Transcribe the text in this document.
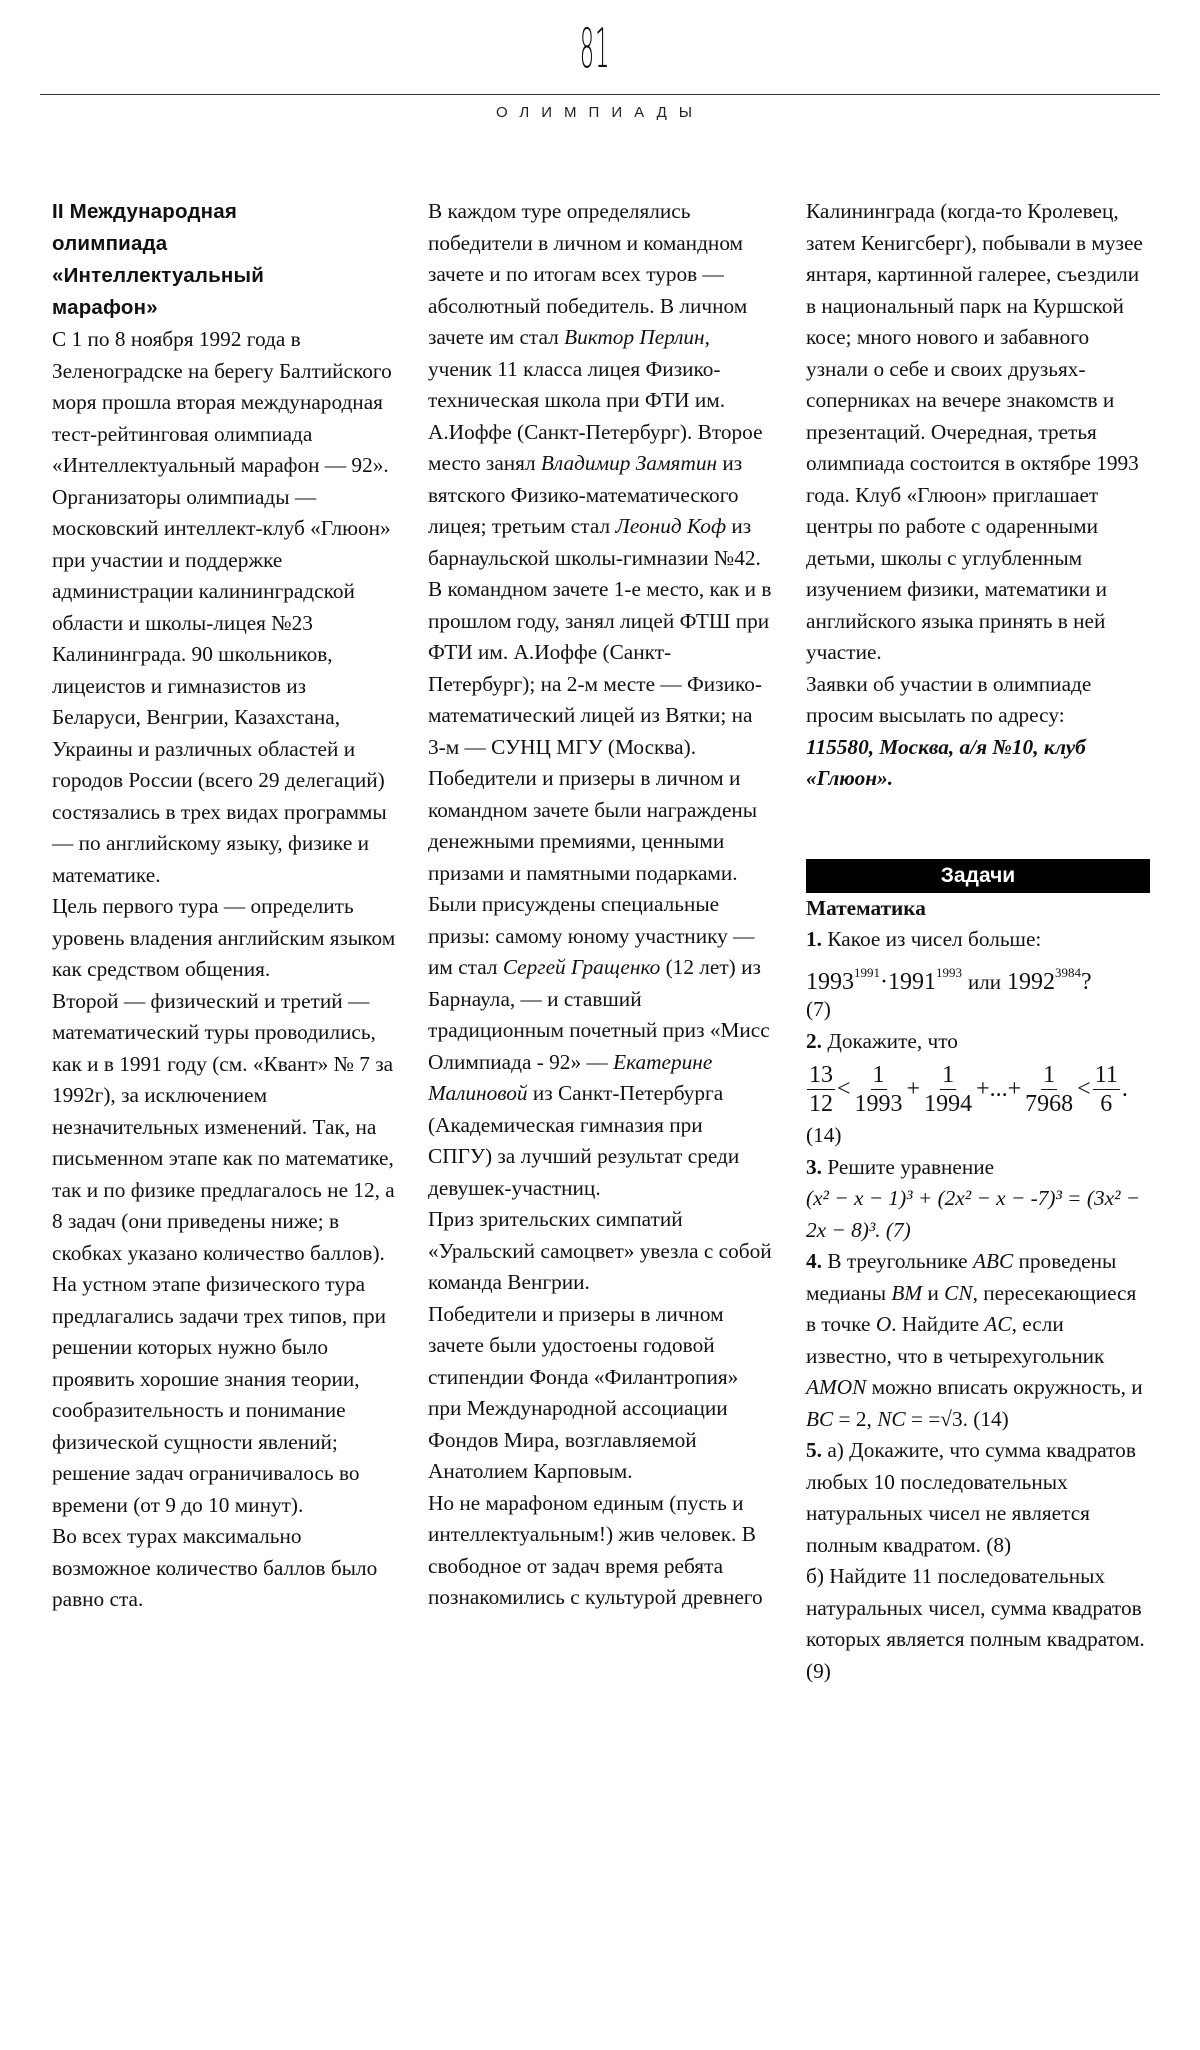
81
ОЛИМПИАДЫ
II Международная
олимпиада
«Интеллектуальный
марафон»

С 1 по 8 ноября 1992 года в Зеленоградске на берегу Балтийского моря прошла вторая международная тест-рейтинговая олимпиада «Интеллектуальный марафон — 92».

Организаторы олимпиады — московский интеллект-клуб «Глюон» при участии и поддержке администрации калининградской области и школы-лицея №23 Калининграда. 90 школьников, лицеистов и гимназистов из Беларуси, Венгрии, Казахстана, Украины и различных областей и городов России (всего 29 делегаций) состязались в трех видах программы — по английскому языку, физике и математике.

Цель первого тура — определить уровень владения английским языком как средством общения.

Второй — физический и третий — математический туры проводились, как и в 1991 году (см. «Квант» № 7 за 1992г), за исключением незначительных изменений. Так, на письменном этапе как по математике, так и по физике предлагалось не 12, а 8 задач (они приведены ниже; в скобках указано количество баллов). На устном этапе физического тура предлагались задачи трех типов, при решении которых нужно было проявить хорошие знания теории, сообразительность и понимание физической сущности явлений; решение задач ограничивалось во времени (от 9 до 10 минут).

Во всех турах максимально возможное количество баллов было равно ста.

В каждом туре определялись победители в личном и командном зачете и по итогам всех туров — абсолютный победитель. В личном зачете им стал Виктор Перлин, ученик 11 класса лицея Физико-техническая школа при ФТИ им. А.Иоффе (Санкт-Петербург). Второе место занял Владимир Замятин из вятского Физико-математического лицея; третьим стал Леонид Коф из барнаульской школы-гимназии №42.

В командном зачете 1-е место, как и в прошлом году, занял лицей ФТШ при ФТИ им. А.Иоффе (Санкт-Петербург); на 2-м месте — Физико-математический лицей из Вятки; на 3-м — СУНЦ МГУ (Москва).

Победители и призеры в личном и командном зачете были награждены денежными премиями, ценными призами и памятными подарками. Были присуждены специальные призы: самому юному участнику — им стал Сергей Гращенко (12 лет) из Барнаула, — и ставший традиционным почетный приз «Мисс Олимпиада - 92» — Екатерине Малиновой из Санкт-Петербурга (Академическая гимназия при СПГУ) за лучший результат среди девушек-участниц.

Приз зрительских симпатий «Уральский самоцвет» увезла с собой команда Венгрии.

Победители и призеры в личном зачете были удостоены годовой стипендии Фонда «Филантропия» при Международной ассоциации Фондов Мира, возглавляемой Анатолием Карповым.

Но не марафоном единым (пусть и интеллектуальным!) жив человек. В свободное от задач время ребята познакомились с культурой древнего

Калининграда (когда-то Кролевец, затем Кенигсберг), побывали в музее янтаря, картинной галерее, съездили в национальный парк на Куршской косе; много нового и забавного узнали о себе и своих друзьях-соперниках на вечере знакомств и презентаций. Очередная, третья олимпиада состоится в октябре 1993 года. Клуб «Глюон» приглашает центры по работе с одаренными детьми, школы с углубленным изучением физики, математики и английского языка принять в ней участие.

Заявки об участии в олимпиаде просим высылать по адресу:

115580, Москва, а/я №10, клуб «Глюон».

Задачи
Математика

1. Какое из чисел больше:

$1993^{1991}\cdot 1991^{1993}$ или $1992^{3984}$?

(7)

2. Докажите, что

$\frac{13}{12} < \frac{1}{1993} + \frac{1}{1994}$ +...+ $\frac{1}{7968} < \frac{11}{6}$ .

(14)

3. Решите уравнение

(x² − x − 1)³ + (2x² − x − -7)³ = (3x² − 2x − 8)³. (7)

4. В треугольнике ABC проведены медианы BM и CN, пересекающиеся в точке O. Найдите AC, если известно, что в четырехугольник AMON можно вписать окружность, и BC = 2, NC = =√3. (14)

5. а) Докажите, что сумма квадратов любых 10 последовательных натуральных чисел не является полным квадратом. (8)

б) Найдите 11 последовательных натуральных чисел, сумма квадратов которых является полным квадратом. (9)
